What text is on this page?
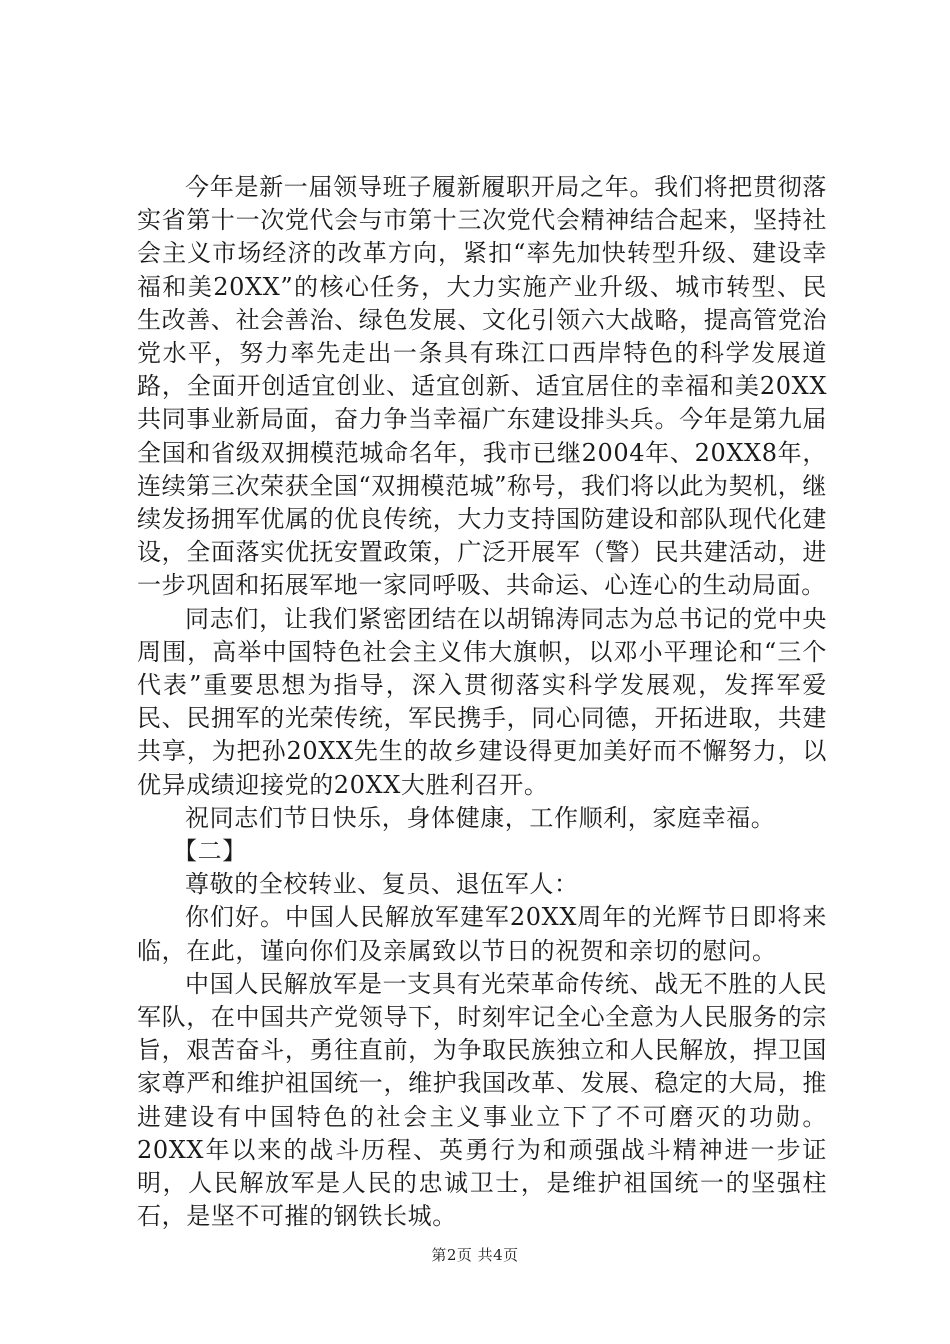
今年是新一届领导班子履新履职开局之年。我们将把贯彻落实省第十一次党代会与市第十三次党代会精神结合起来，坚持社会主义市场经济的改革方向，紧扣“率先加快转型升级、建设幸福和美20XX”的核心任务，大力实施产业升级、城市转型、民生改善、社会善治、绿色发展、文化引领六大战略，提高管党治党水平，努力率先走出一条具有珠江口西岸特色的科学发展道路，全面开创适宜创业、适宜创新、适宜居住的幸福和美20XX共同事业新局面，奋力争当幸福广东建设排头兵。今年是第九届全国和省级双拥模范城命名年，我市已继2004年、20XX8年，连续第三次荣获全国“双拥模范城”称号，我们将以此为契机，继续发扬拥军优属的优良传统，大力支持国防建设和部队现代化建设，全面落实优抚安置政策，广泛开展军（警）民共建活动，进一步巩固和拓展军地一家同呼吸、共命运、心连心的生动局面。

同志们，让我们紧密团结在以胡锦涛同志为总书记的党中央周围，高举中国特色社会主义伟大旗帜，以邓小平理论和“三个代表”重要思想为指导，深入贯彻落实科学发展观，发挥军爱民、民拥军的光荣传统，军民携手，同心同德，开拓进取，共建共享，为把孙20XX先生的故乡建设得更加美好而不懈努力，以优异成绩迎接党的20XX大胜利召开。

祝同志们节日快乐，身体健康，工作顺利，家庭幸福。

【二】

尊敬的全校转业、复员、退伍军人：

你们好。中国人民解放军建军20XX周年的光辉节日即将来临，在此，谨向你们及亲属致以节日的祝贺和亲切的慰问。

中国人民解放军是一支具有光荣革命传统、战无不胜的人民军队，在中国共产党领导下，时刻牢记全心全意为人民服务的宗旨，艰苦奋斗，勇往直前，为争取民族独立和人民解放，捍卫国家尊严和维护祖国统一，维护我国改革、发展、稳定的大局，推进建设有中国特色的社会主义事业立下了不可磨灭的功勋。20XX年以来的战斗历程、英勇行为和顽强战斗精神进一步证明，人民解放军是人民的忠诚卫士，是维护祖国统一的坚强柱石，是坚不可摧的钢铁长城。

第2页 共4页
